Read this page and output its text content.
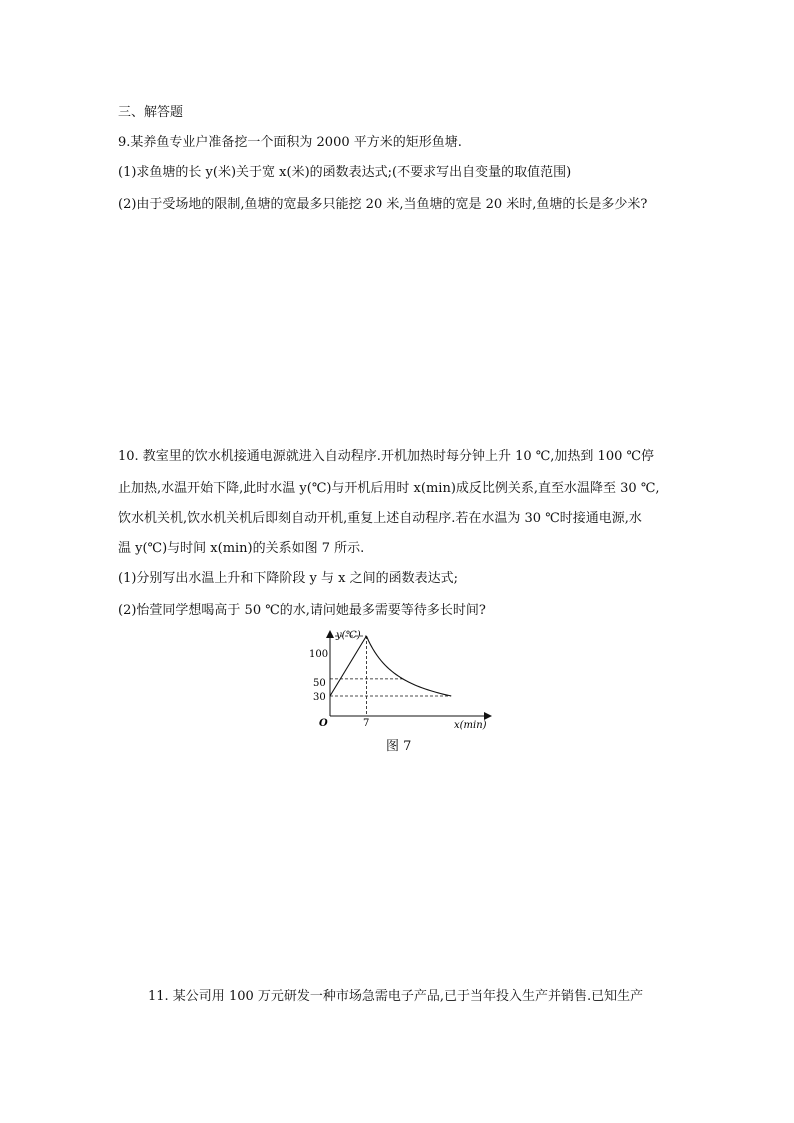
三、解答题
9.某养鱼专业户准备挖一个面积为 2000 平方米的矩形鱼塘.
(1)求鱼塘的长 y(米)关于宽 x(米)的函数表达式;(不要求写出自变量的取值范围)
(2)由于受场地的限制,鱼塘的宽最多只能挖 20 米,当鱼塘的宽是 20 米时,鱼塘的长是多少米?
10. 教室里的饮水机接通电源就进入自动程序.开机加热时每分钟上升 10 ℃,加热到 100 ℃停
止加热,水温开始下降,此时水温 y(℃)与开机后用时 x(min)成反比例关系,直至水温降至 30 ℃,
饮水机关机,饮水机关机后即刻自动开机,重复上述自动程序.若在水温为 30 ℃时接通电源,水
温 y(℃)与时间 x(min)的关系如图 7 所示.
(1)分别写出水温上升和下降阶段 y 与 x 之间的函数表达式;
(2)怡萱同学想喝高于 50 ℃的水,请问她最多需要等待多长时间?
y(℃)
x(min)
O	7
100
50
30
图 7
11. 某公司用 100 万元研发一种市场急需电子产品,已于当年投入生产并销售.已知生产
